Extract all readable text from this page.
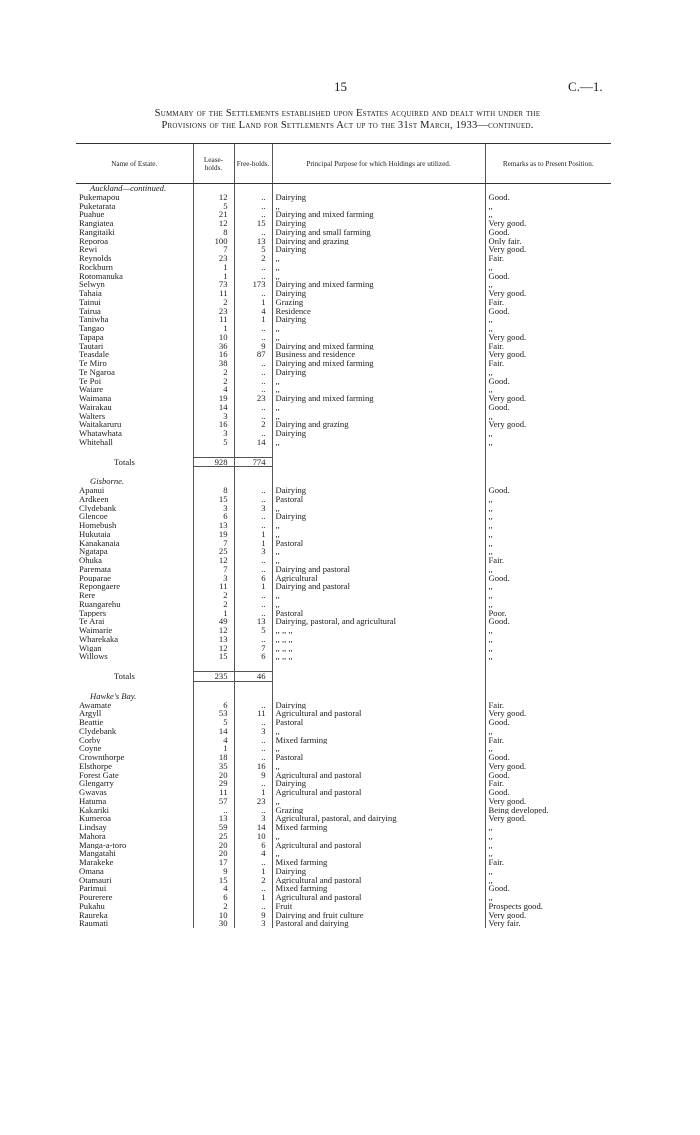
15	C.—1.
Summary of the Settlements established upon Estates acquired and dealt with under the
Provisions of the Land for Settlements Act up to the 31st March, 1933—continued.
Name of Estate.	Lease-holds.	Free-holds.	Principal Purpose for which Holdings are utilized.	Remarks as to Present Position.
Auckland—continued.				
Pukemapou	12	..	Dairying	Good.
Puketarata	5	..	,,	,,
Puahue	21	..	Dairying and mixed farming	,,
Rangiatea	12	15	Dairying	Very good.
Rangitaiki	8	..	Dairying and small farming	Good.
Reporoa	100	13	Dairying and grazing	Only fair.
Rewi	7	5	Dairying	Very good.
Reynolds	23	2	,,	Fair.
Rockburn	1	..	,,	,,
Rotomanuka	1	..	,,	Good.
Selwyn	73	173	Dairying and mixed farming	,,
Tahaia	11	..	Dairying	Very good.
Tainui	2	1	Grazing	Fair.
Tairua	23	4	Residence	Good.
Taniwha	11	1	Dairying	,,
Tangao	1	..	,,	,,
Tapapa	10	..	,,	Very good.
Tautari	36	9	Dairying and mixed farming	Fair.
Teasdale	16	87	Business and residence	Very good.
Te Miro	38	..	Dairying and mixed farming	Fair.
Te Ngaroa	2	..	Dairying	,,
Te Poi	2	..	,,	Good.
Waiare	4	..	,,	,,
Waimana	19	23	Dairying and mixed farming	Very good.
Wairakau	14	..	,,	Good.
Walters	3	..	,,	,,
Waitakaruru	16	2	Dairying and grazing	Very good.
Whatawhata	3	..	Dairying	,,
Whitehall	5	14	,,	,,

Totals	928	774		

Gisborne.				
Apanui	8	..	Dairying	Good.
Ardkeen	15	..	Pastoral	,,
Clydebank	3	3	,,	,,
Glencoe	6	..	Dairying	,,
Homebush	13	..	,,	,,
Hukutaia	19	1	,,	,,
Kanakanaia	7	1	Pastoral	,,
Ngatapa	25	3	,,	,,
Ohuka	12	..	,,	Fair.
Paremata	7	..	Dairying and pastoral	,,
Pouparae	3	6	Agricultural	Good.
Repongaere	11	1	Dairying and pastoral	,,
Rere	2	..	,,	,,
Ruangarehu	2	..	,,	,,
Tappers	1	..	Pastoral	Poor.
Te Arai	49	13	Dairying, pastoral, and agricultural	Good.
Waimarie	12	5	,, ,, ,,	,,
Wharekaka	13	..	,, ,, ,,	,,
Wigan	12	7	,, ,, ,,	,,
Willows	15	6	,, ,, ,,	,,

Totals	235	46		

Hawke's Bay.				
Awamate	6	..	Dairying	Fair.
Argyll	53	11	Agricultural and pastoral	Very good.
Beattie	5	..	Pastoral	Good.
Clydebank	14	3	,,	,,
Corby	4	..	Mixed farming	Fair.
Coyne	1	..	,,	,,
Crownthorpe	18	..	Pastoral	Good.
Elsthorpe	35	16	,,	Very good.
Forest Gate	20	9	Agricultural and pastoral	Good.
Glengarry	29	..	Dairying	Fair.
Gwavas	11	1	Agricultural and pastoral	Good.
Hatuma	57	23	,,	Very good.
Kakariki	..	..	Grazing	Being developed.
Kumeroa	13	3	Agricultural, pastoral, and dairying	Very good.
Lindsay	59	14	Mixed farming	,,
Mahora	25	10	,,	,,
Manga-a-toro	20	6	Agricultural and pastoral	,,
Mangatahi	20	4	,,	,,
Marakeke	17	..	Mixed farming	Fair.
Omana	9	1	Dairying	,,
Otamauri	15	2	Agricultural and pastoral	,,
Parimui	4	..	Mixed farming	Good.
Pourerere	6	1	Agricultural and pastoral	,,
Pukahu	2	..	Fruit	Prospects good.
Raureka	10	9	Dairying and fruit culture	Very good.
Raumati	30	3	Pastoral and dairying	Very fair.
